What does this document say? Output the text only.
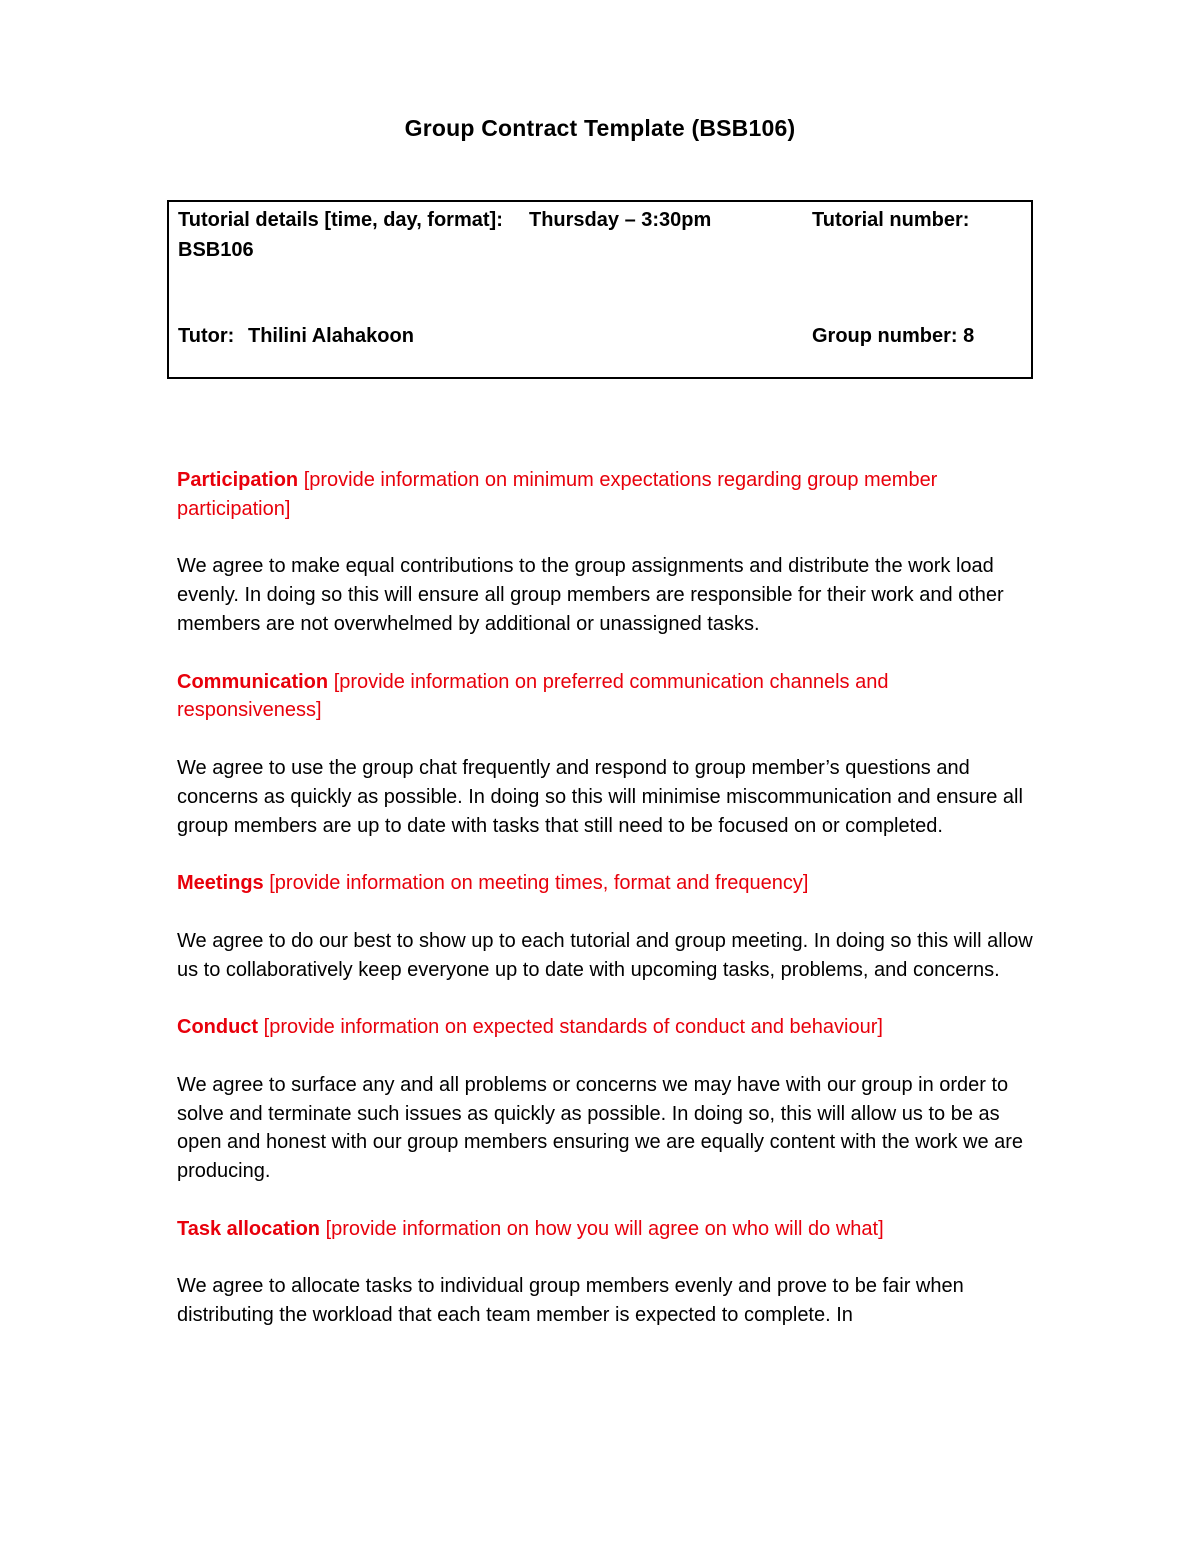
Group Contract Template (BSB106)
Tutorial details [time, day, format]: Thursday – 3:30pm	Tutorial number:
BSB106
Tutor: Thilini Alahakoon	Group number: 8

Participation [provide information on minimum expectations regarding group member participation]

We agree to make equal contributions to the group assignments and distribute the work load evenly. In doing so this will ensure all group members are responsible for their work and other members are not overwhelmed by additional or unassigned tasks.

Communication [provide information on preferred communication channels and responsiveness]

We agree to use the group chat frequently and respond to group member’s questions and concerns as quickly as possible. In doing so this will minimise miscommunication and ensure all group members are up to date with tasks that still need to be focused on or completed.

Meetings [provide information on meeting times, format and frequency]

We agree to do our best to show up to each tutorial and group meeting. In doing so this will allow us to collaboratively keep everyone up to date with upcoming tasks, problems, and concerns.

Conduct [provide information on expected standards of conduct and behaviour]

We agree to surface any and all problems or concerns we may have with our group in order to solve and terminate such issues as quickly as possible. In doing so, this will allow us to be as open and honest with our group members ensuring we are equally content with the work we are producing.

Task allocation [provide information on how you will agree on who will do what]

We agree to allocate tasks to individual group members evenly and prove to be fair when distributing the workload that each team member is expected to complete. In
